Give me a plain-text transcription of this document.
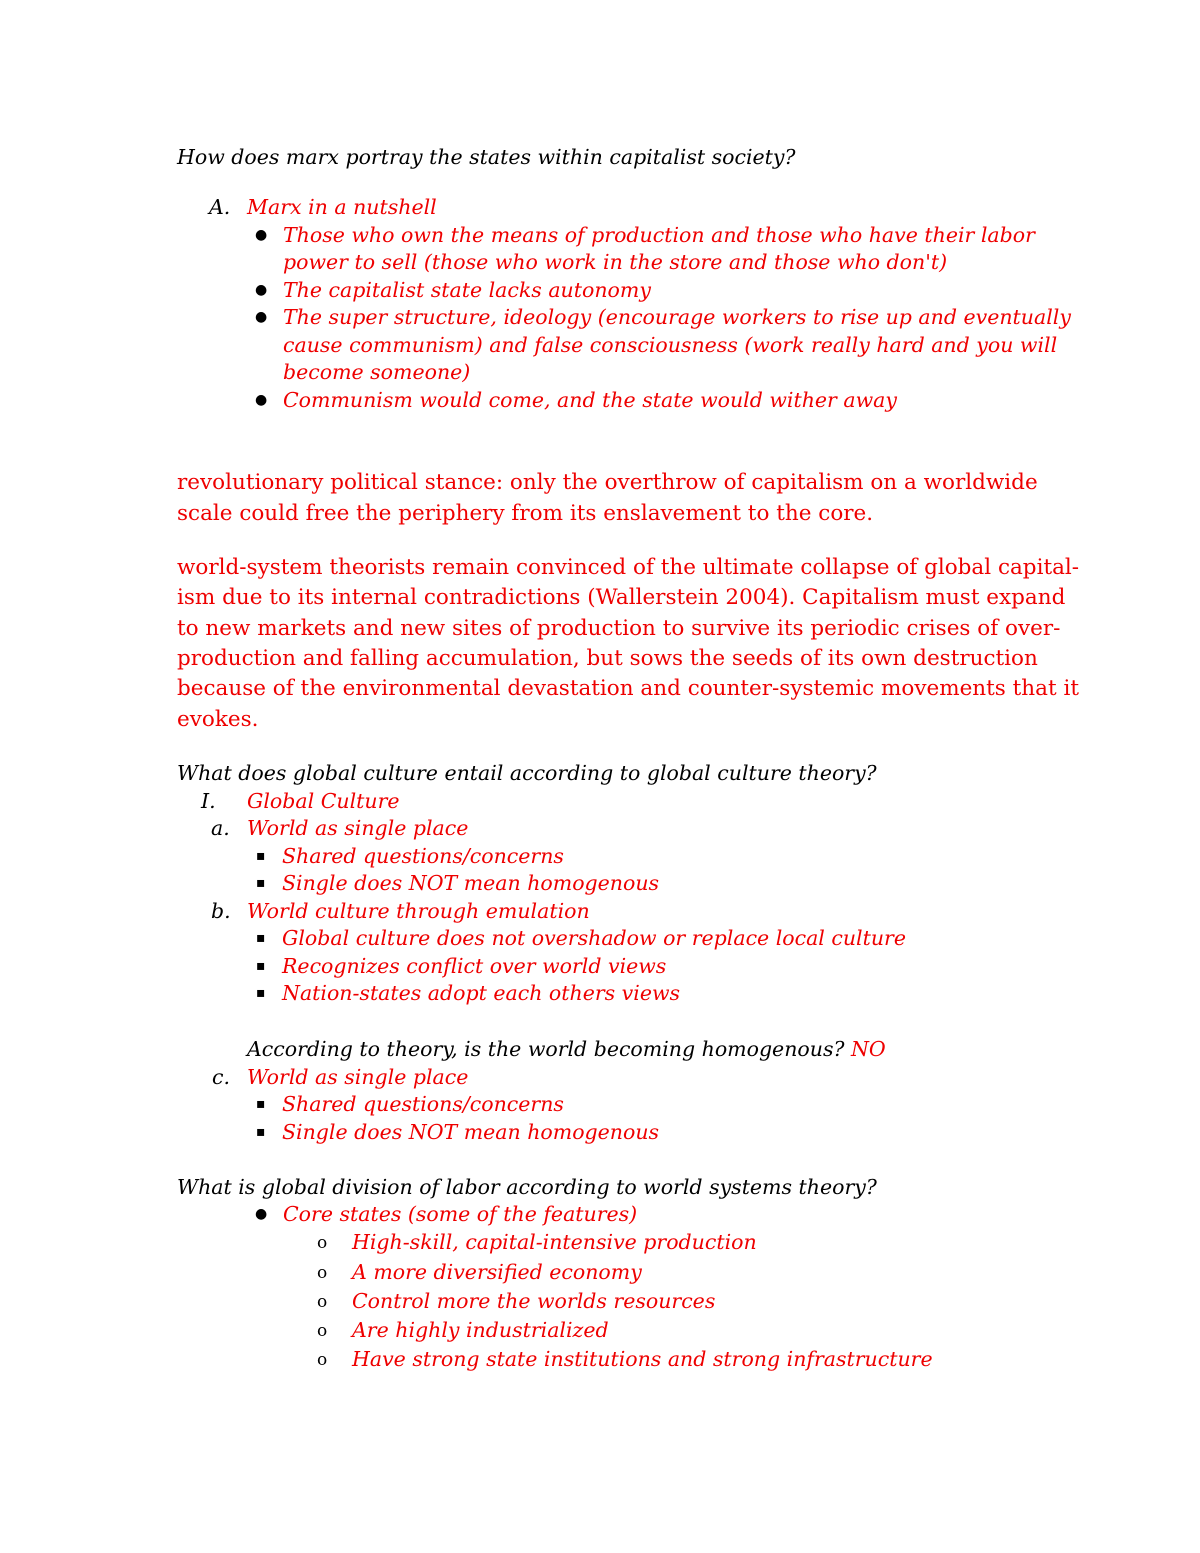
How does marx portray the states within capitalist society?
A. Marx in a nutshell
● Those who own the means of production and those who have their labor
power to sell (those who work in the store and those who don't)
● The capitalist state lacks autonomy
● The super structure, ideology (encourage workers to rise up and eventually
cause communism) and false consciousness (work really hard and you will
become someone)
● Communism would come, and the state would wither away
revolutionary political stance: only the overthrow of capitalism on a worldwide
scale could free the periphery from its enslavement to the core.
world-system theorists remain convinced of the ultimate collapse of global capital-
ism due to its internal contradictions (Wallerstein 2004). Capitalism must expand
to new markets and new sites of production to survive its periodic crises of over-
production and falling accumulation, but sows the seeds of its own destruction
because of the environmental devastation and counter-systemic movements that it
evokes.
What does global culture entail according to global culture theory?
I. Global Culture
a. World as single place
▪ Shared questions/concerns
▪ Single does NOT mean homogenous
b. World culture through emulation
▪ Global culture does not overshadow or replace local culture
▪ Recognizes conflict over world views
▪ Nation-states adopt each others views
According to theory, is the world becoming homogenous? NO
c. World as single place
▪ Shared questions/concerns
▪ Single does NOT mean homogenous
What is global division of labor according to world systems theory?
● Core states (some of the features)
o High-skill, capital-intensive production
o A more diversified economy
o Control more the worlds resources
o Are highly industrialized
o Have strong state institutions and strong infrastructure
